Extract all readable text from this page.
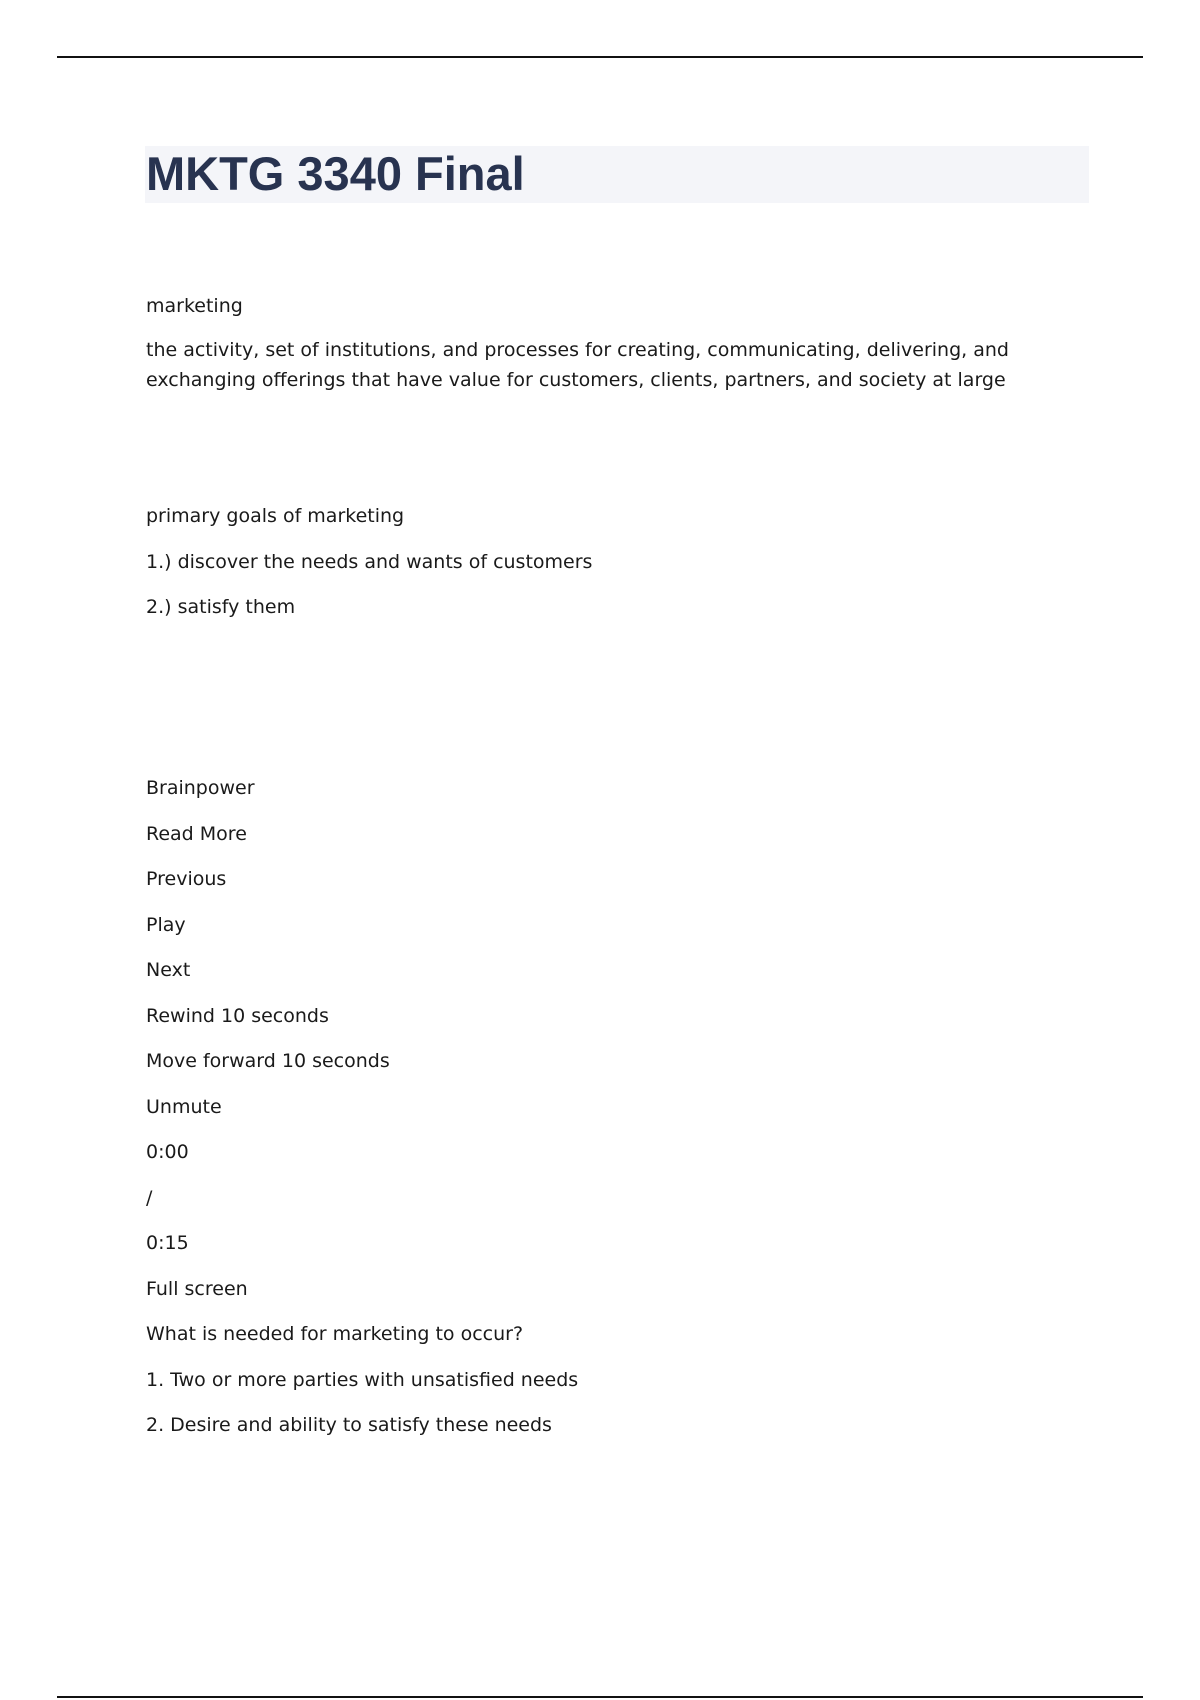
MKTG 3340 Final

marketing

the activity, set of institutions, and processes for creating, communicating, delivering, and exchanging offerings that have value for customers, clients, partners, and society at large

primary goals of marketing

1.) discover the needs and wants of customers

2.) satisfy them

Brainpower

Read More

Previous

Play

Next

Rewind 10 seconds

Move forward 10 seconds

Unmute

0:00

/

0:15

Full screen

What is needed for marketing to occur?

1. Two or more parties with unsatisfied needs

2. Desire and ability to satisfy these needs
